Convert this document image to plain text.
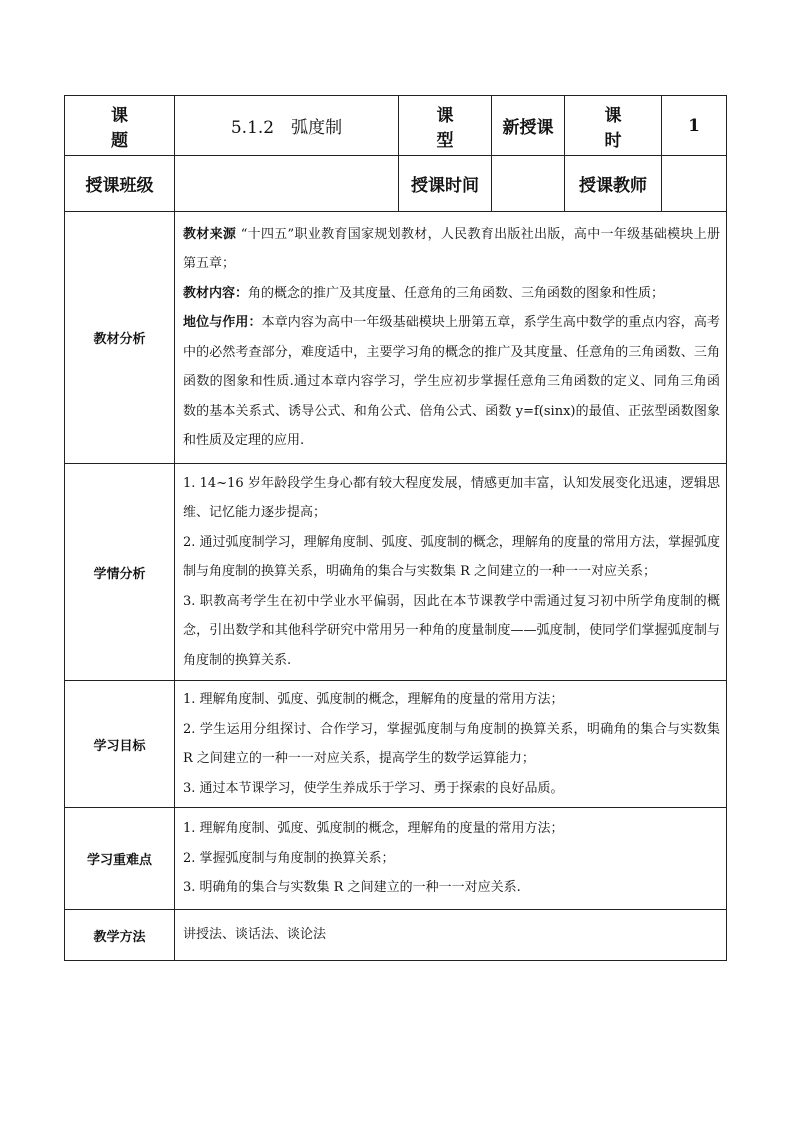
课 题	5.1.2　弧度制	课 型	新授课	课 时	1
授课班级		授课时间		授课教师	
教材分析	教材来源 “十四五”职业教育国家规划教材，人民教育出版社出版，高中一年级基础模块上册第五章；

教材内容：角的概念的推广及其度量、任意角的三角函数、三角函数的图象和性质；

地位与作用：本章内容为高中一年级基础模块上册第五章，系学生高中数学的重点内容，高考中的必然考查部分，难度适中，主要学习角的概念的推广及其度量、任意角的三角函数、三角函数的图象和性质.通过本章内容学习，学生应初步掌握任意角三角函数的定义、同角三角函数的基本关系式、诱导公式、和角公式、倍角公式、函数 y=f(sinx)的最值、正弦型函数图象和性质及定理的应用.				

学情分析	1. 14~16 岁年龄段学生身心都有较大程度发展，情感更加丰富，认知发展变化迅速，逻辑思维、记忆能力逐步提高；

2. 通过弧度制学习，理解角度制、弧度、弧度制的概念，理解角的度量的常用方法，掌握弧度制与角度制的换算关系，明确角的集合与实数集 R 之间建立的一种一一对应关系；

3. 职教高考学生在初中学业水平偏弱，因此在本节课教学中需通过复习初中所学角度制的概念，引出数学和其他科学研究中常用另一种角的度量制度——弧度制，使同学们掌握弧度制与角度制的换算关系.				

学习目标	1. 理解角度制、弧度、弧度制的概念，理解角的度量的常用方法；

2. 学生运用分组探讨、合作学习，掌握弧度制与角度制的换算关系，明确角的集合与实数集 R 之间建立的一种一一对应关系，提高学生的数学运算能力；

3. 通过本节课学习，使学生养成乐于学习、勇于探索的良好品质。				

学习重难点	1. 理解角度制、弧度、弧度制的概念，理解角的度量的常用方法；

2. 掌握弧度制与角度制的换算关系；

3. 明确角的集合与实数集 R 之间建立的一种一一对应关系.				

教学方法	讲授法、谈话法、谈论法				
